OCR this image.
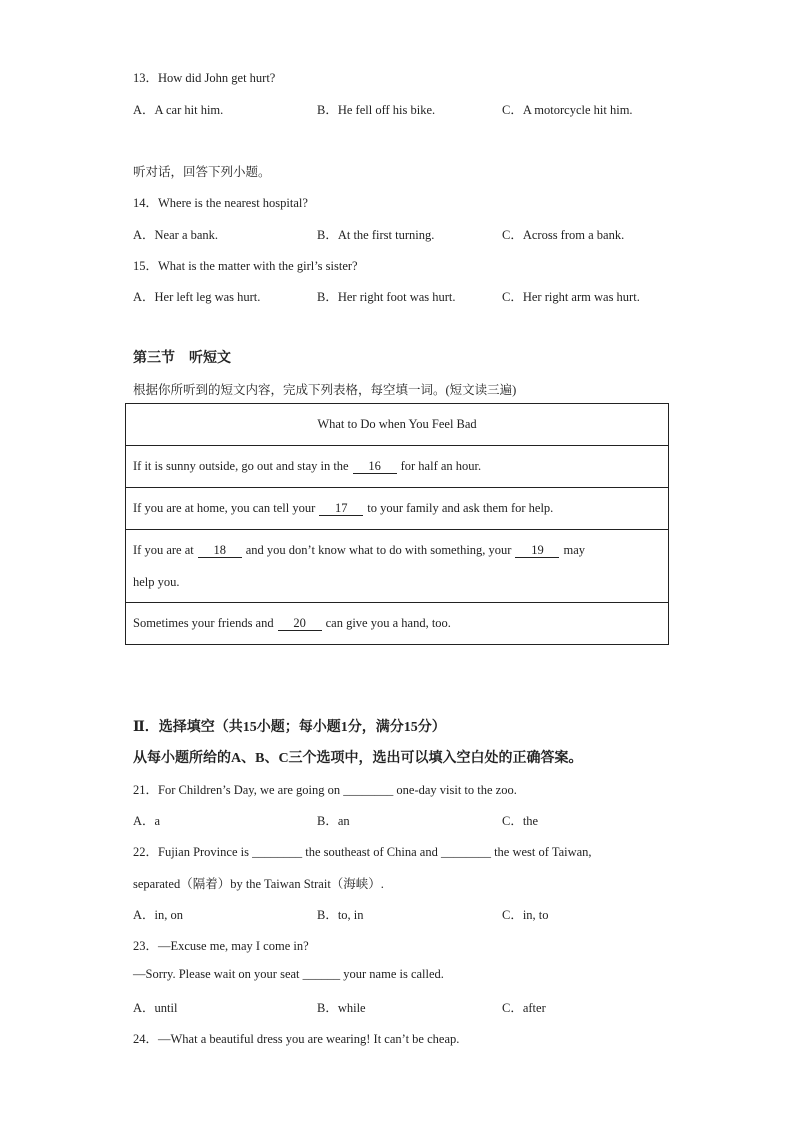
13．How did John get hurt?
A．A car hit him.	B．He fell off his bike.	C．A motorcycle hit him.
听对话，回答下列小题。
14．Where is the nearest hospital?
A．Near a bank.	B．At the first turning.	C．Across from a bank.
15．What is the matter with the girl’s sister?
A．Her left leg was hurt.	B．Her right foot was hurt.	C．Her right arm was hurt.
第三节　听短文
根据你所听到的短文内容，完成下列表格，每空填一词。(短文读三遍)
What to Do when You Feel Bad
If it is sunny outside, go out and stay in the 16 for half an hour.
If you are at home, you can tell your 17 to your family and ask them for help.
If you are at 18 and you don’t know what to do with something, your 19 may
help you.
Sometimes your friends and 20 can give you a hand, too.
Ⅱ．选择填空（共15小题；每小题1分，满分15分）
从每小题所给的A、B、C三个选项中，选出可以填入空白处的正确答案。
21．For Children’s Day, we are going on ________ one-day visit to the zoo.
A．a	B．an	C．the
22．Fujian Province is ________ the southeast of China and ________ the west of Taiwan,
separated（隔着）by the Taiwan Strait（海峡）.
A．in, on	B．to, in	C．in, to
23．—Excuse me, may I come in?
—Sorry. Please wait on your seat ______ your name is called.
A．until	B．while	C．after
24．—What a beautiful dress you are wearing! It can’t be cheap.
